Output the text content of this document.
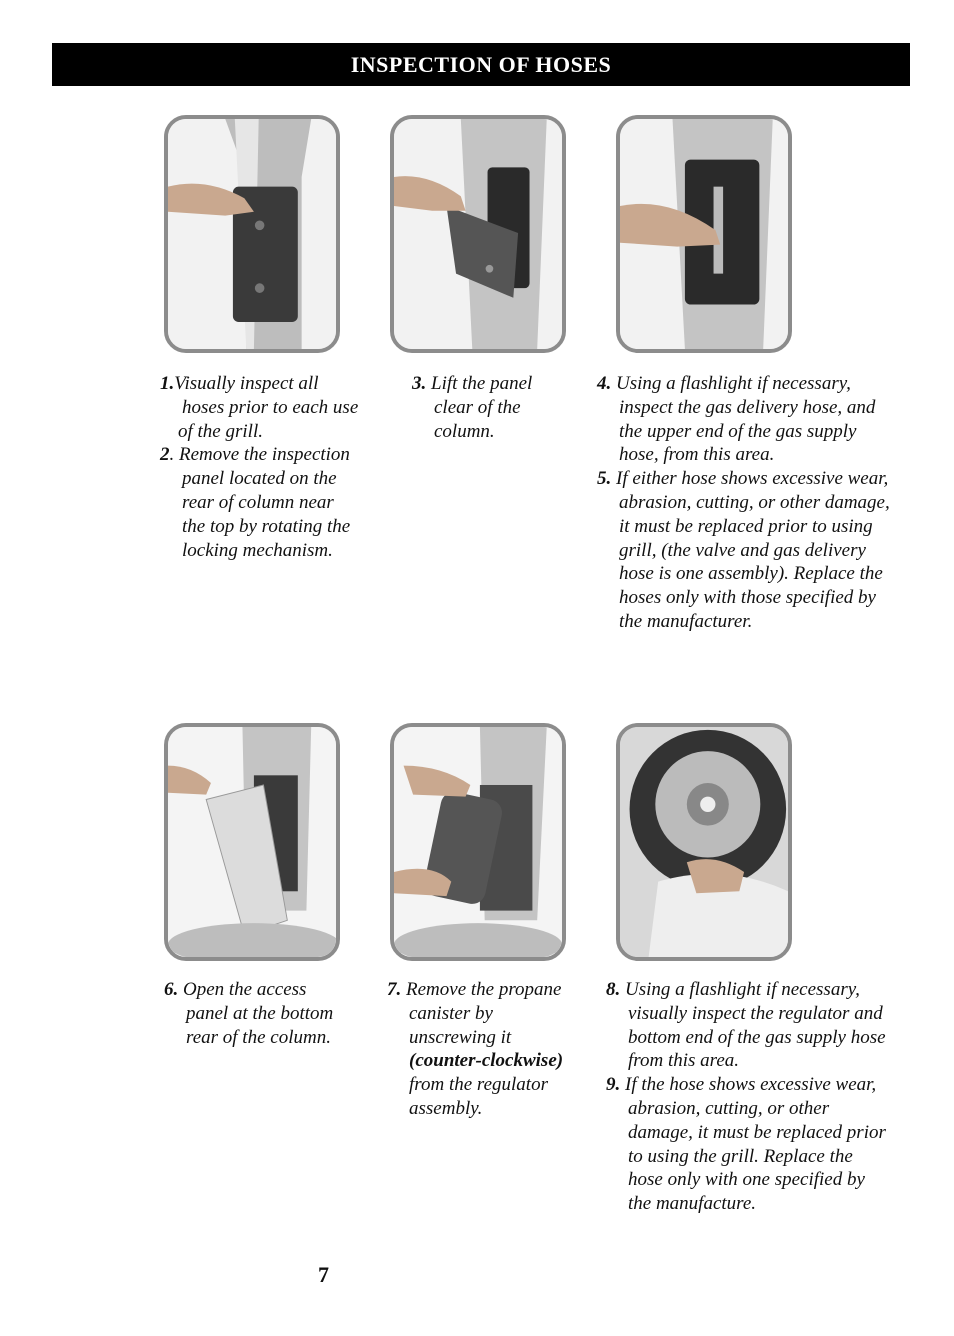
INSPECTION OF HOSES

1.Visually inspect all hoses prior to each use

of the grill.

2. Remove the inspection panel located on the rear of column near the top by rotating the locking mechanism.

3. Lift the panel clear of the column.

4. Using a flashlight if necessary, inspect the gas delivery hose, and the upper end of the gas supply hose, from this area.

5. If either hose shows excessive wear, abrasion, cutting, or other damage, it must be replaced prior to using grill, (the valve and gas delivery hose is one assembly). Replace the hoses only with those specified by the manufacturer.

6. Open the access panel at the bottom rear of the column.

7. Remove the propane canister by unscrewing it (counter-clockwise) from the regulator assembly.

8. Using a flashlight if necessary, visually inspect the regulator and bottom end of the gas supply hose from this area.

9. If the hose shows excessive wear, abrasion, cutting, or other damage, it must be replaced prior to using the grill. Replace the hose only with one specified by the manufacture.

7
